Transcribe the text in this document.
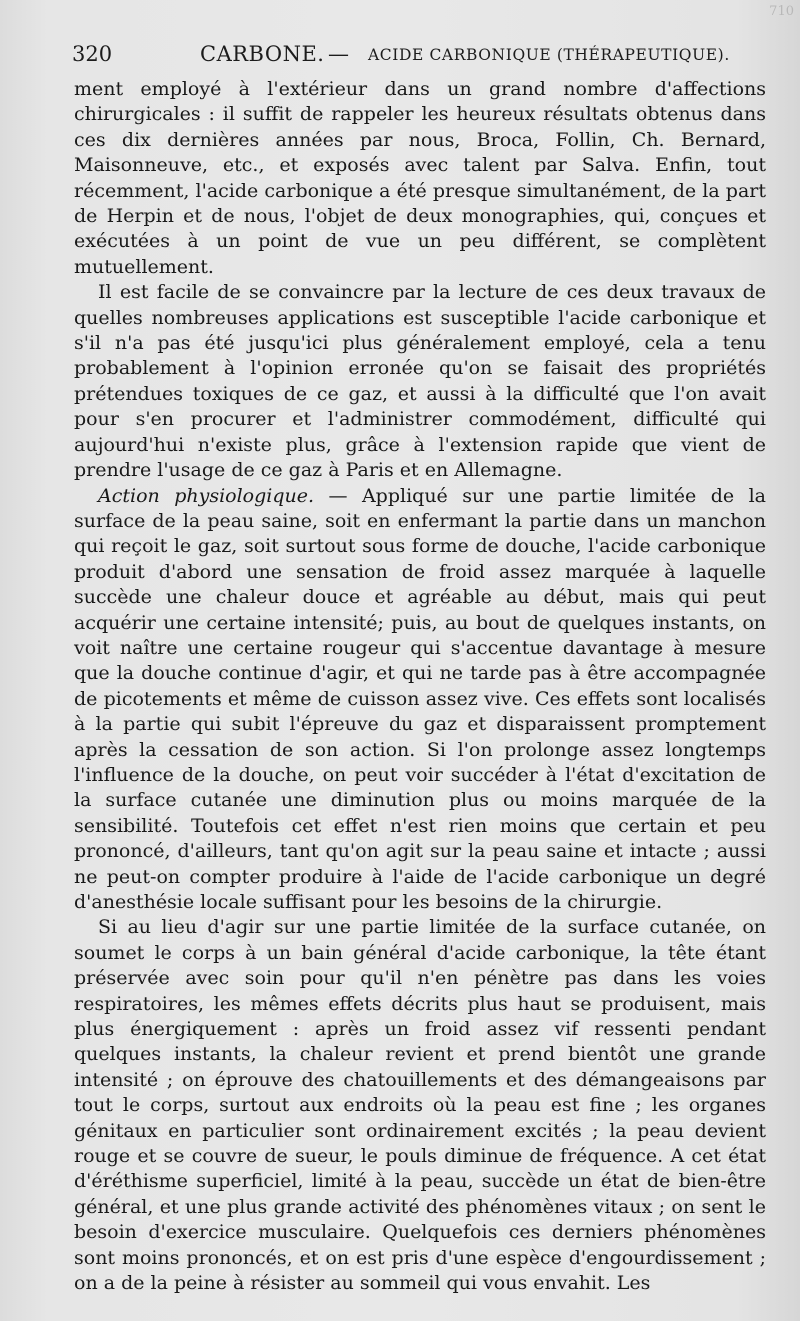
710
320	CARBONE. — ACIDE CARBONIQUE (THÉRAPEUTIQUE).

ment employé à l'extérieur dans un grand nombre d'affections chirurgicales : il suffit de rappeler les heureux résultats obtenus dans ces dix dernières années par nous, Broca, Follin, Ch. Bernard, Maisonneuve, etc., et exposés avec talent par Salva. Enfin, tout récemment, l'acide carbonique a été presque simultanément, de la part de Herpin et de nous, l'objet de deux monographies, qui, conçues et exécutées à un point de vue un peu différent, se complètent mutuellement.

Il est facile de se convaincre par la lecture de ces deux travaux de quelles nombreuses applications est susceptible l'acide carbonique et s'il n'a pas été jusqu'ici plus généralement employé, cela a tenu probablement à l'opinion erronée qu'on se faisait des propriétés prétendues toxiques de ce gaz, et aussi à la difficulté que l'on avait pour s'en procurer et l'administrer commodément, difficulté qui aujourd'hui n'existe plus, grâce à l'extension rapide que vient de prendre l'usage de ce gaz à Paris et en Allemagne.

Action physiologique. — Appliqué sur une partie limitée de la surface de la peau saine, soit en enfermant la partie dans un manchon qui reçoit le gaz, soit surtout sous forme de douche, l'acide carbonique produit d'abord une sensation de froid assez marquée à laquelle succède une chaleur douce et agréable au début, mais qui peut acquérir une certaine intensité; puis, au bout de quelques instants, on voit naître une certaine rougeur qui s'accentue davantage à mesure que la douche continue d'agir, et qui ne tarde pas à être accompagnée de picotements et même de cuisson assez vive. Ces effets sont localisés à la partie qui subit l'épreuve du gaz et disparaissent promptement après la cessation de son action. Si l'on prolonge assez longtemps l'influence de la douche, on peut voir succéder à l'état d'excitation de la surface cutanée une diminution plus ou moins marquée de la sensibilité. Toutefois cet effet n'est rien moins que certain et peu prononcé, d'ailleurs, tant qu'on agit sur la peau saine et intacte ; aussi ne peut-on compter produire à l'aide de l'acide carbonique un degré d'anesthésie locale suffisant pour les besoins de la chirurgie.

Si au lieu d'agir sur une partie limitée de la surface cutanée, on soumet le corps à un bain général d'acide carbonique, la tête étant préservée avec soin pour qu'il n'en pénètre pas dans les voies respiratoires, les mêmes effets décrits plus haut se produisent, mais plus énergiquement : après un froid assez vif ressenti pendant quelques instants, la chaleur revient et prend bientôt une grande intensité ; on éprouve des chatouillements et des démangeaisons par tout le corps, surtout aux endroits où la peau est fine ; les organes génitaux en particulier sont ordinairement excités ; la peau devient rouge et se couvre de sueur, le pouls diminue de fréquence. A cet état d'éréthisme superficiel, limité à la peau, succède un état de bien-être général, et une plus grande activité des phénomènes vitaux ; on sent le besoin d'exercice musculaire. Quelquefois ces derniers phénomènes sont moins prononcés, et on est pris d'une espèce d'engourdissement ; on a de la peine à résister au sommeil qui vous envahit. Les
